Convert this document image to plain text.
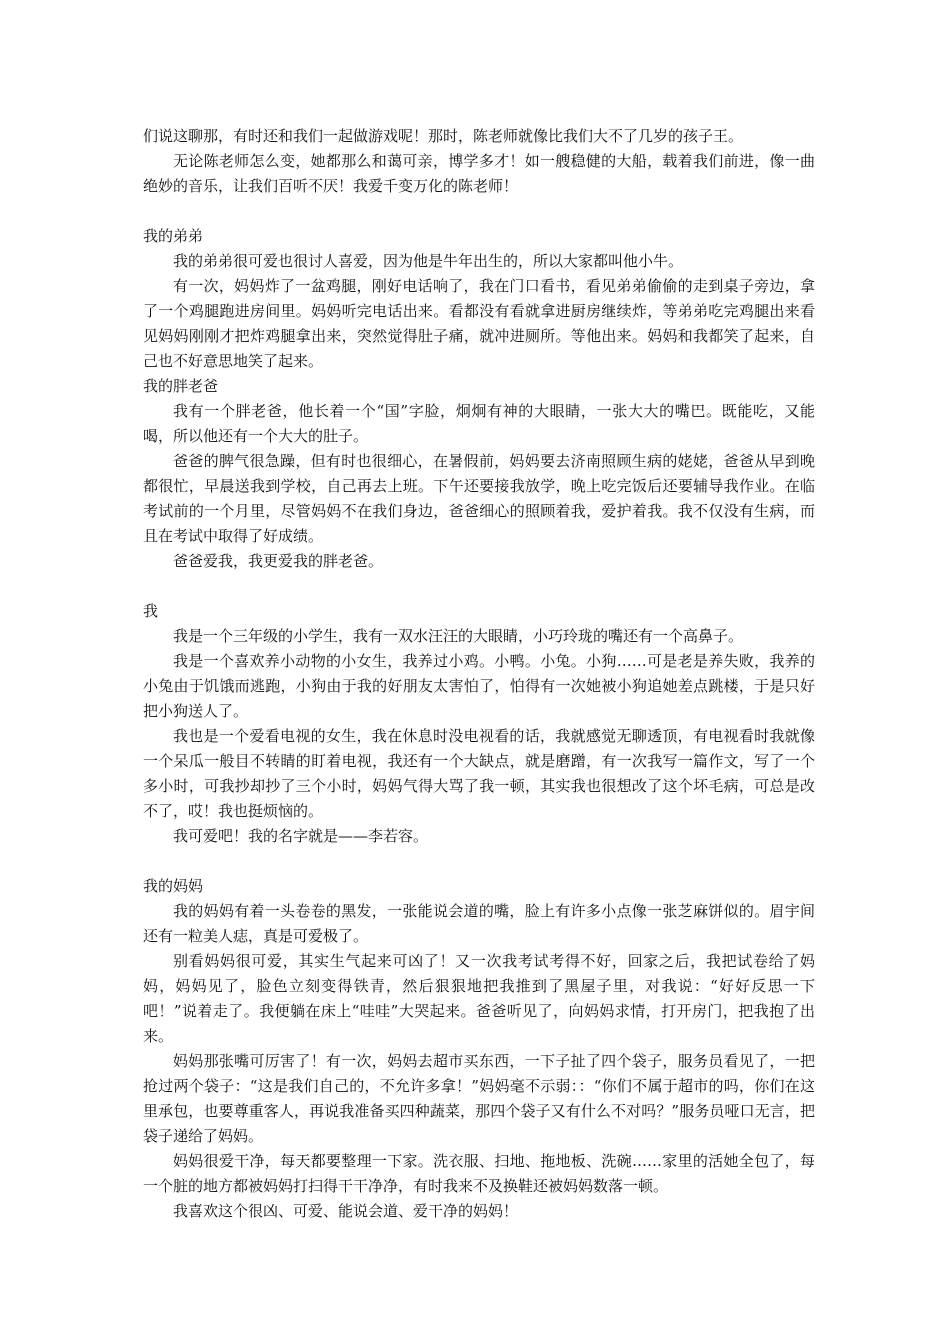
们说这聊那，有时还和我们一起做游戏呢！那时，陈老师就像比我们大不了几岁的孩子王。

无论陈老师怎么变，她都那么和蔼可亲，博学多才！如一艘稳健的大船，载着我们前进，像一曲绝妙的音乐，让我们百听不厌！我爱千变万化的陈老师！

我的弟弟

我的弟弟很可爱也很讨人喜爱，因为他是牛年出生的，所以大家都叫他小牛。

有一次，妈妈炸了一盆鸡腿，刚好电话响了，我在门口看书，看见弟弟偷偷的走到桌子旁边，拿了一个鸡腿跑进房间里。妈妈听完电话出来。看都没有看就拿进厨房继续炸，等弟弟吃完鸡腿出来看见妈妈刚刚才把炸鸡腿拿出来，突然觉得肚子痛，就冲进厕所。等他出来。妈妈和我都笑了起来，自己也不好意思地笑了起来。

我的胖老爸

我有一个胖老爸，他长着一个“国”字脸，炯炯有神的大眼睛，一张大大的嘴巴。既能吃，又能喝，所以他还有一个大大的肚子。

爸爸的脾气很急躁，但有时也很细心，在暑假前，妈妈要去济南照顾生病的姥姥，爸爸从早到晚都很忙，早晨送我到学校，自己再去上班。下午还要接我放学，晚上吃完饭后还要辅导我作业。在临考试前的一个月里，尽管妈妈不在我们身边，爸爸细心的照顾着我，爱护着我。我不仅没有生病，而且在考试中取得了好成绩。

爸爸爱我，我更爱我的胖老爸。

我

我是一个三年级的小学生，我有一双水汪汪的大眼睛，小巧玲珑的嘴还有一个高鼻子。

我是一个喜欢养小动物的小女生，我养过小鸡。小鸭。小兔。小狗……可是老是养失败，我养的小兔由于饥饿而逃跑，小狗由于我的好朋友太害怕了，怕得有一次她被小狗追她差点跳楼，于是只好把小狗送人了。

我也是一个爱看电视的女生，我在休息时没电视看的话，我就感觉无聊透顶，有电视看时我就像一个呆瓜一般目不转睛的盯着电视，我还有一个大缺点，就是磨蹭，有一次我写一篇作文，写了一个多小时，可我抄却抄了三个小时，妈妈气得大骂了我一顿，其实我也很想改了这个坏毛病，可总是改不了，哎！我也挺烦恼的。

我可爱吧！我的名字就是——李若容。

我的妈妈

我的妈妈有着一头卷卷的黑发，一张能说会道的嘴，脸上有许多小点像一张芝麻饼似的。眉宇间还有一粒美人痣，真是可爱极了。

别看妈妈很可爱，其实生气起来可凶了！又一次我考试考得不好，回家之后，我把试卷给了妈妈，妈妈见了，脸色立刻变得铁青，然后狠狠地把我推到了黑屋子里，对我说：“好好反思一下吧！”说着走了。我便躺在床上“哇哇”大哭起来。爸爸听见了，向妈妈求情，打开房门，把我抱了出来。

妈妈那张嘴可厉害了！有一次，妈妈去超市买东西，一下子扯了四个袋子，服务员看见了，一把抢过两个袋子：“这是我们自己的，不允许多拿！”妈妈毫不示弱：：“你们不属于超市的吗，你们在这里承包，也要尊重客人，再说我准备买四种蔬菜，那四个袋子又有什么不对吗？”服务员哑口无言，把袋子递给了妈妈。

妈妈很爱干净，每天都要整理一下家。洗衣服、扫地、拖地板、洗碗……家里的活她全包了，每一个脏的地方都被妈妈打扫得干干净净，有时我来不及换鞋还被妈妈数落一顿。

我喜欢这个很凶、可爱、能说会道、爱干净的妈妈！
